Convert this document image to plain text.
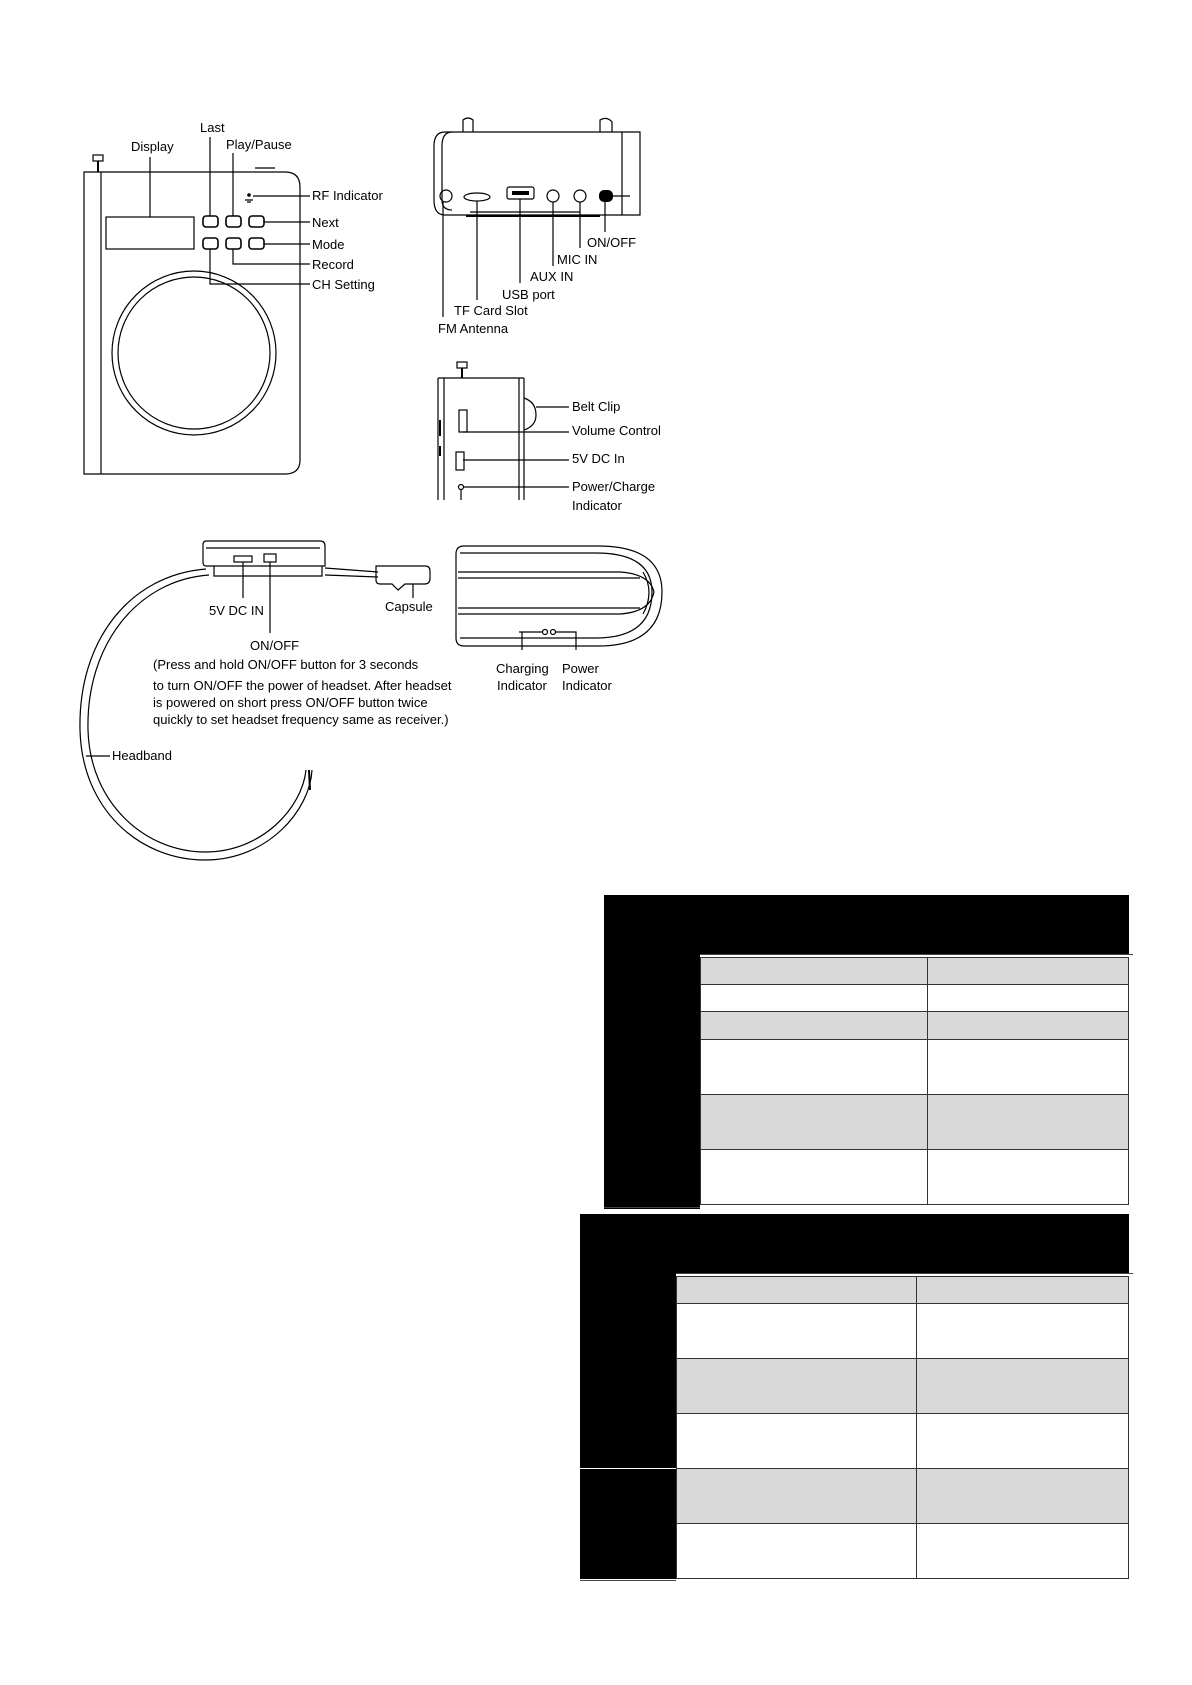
Display
Last
Play/Pause
RF Indicator
Next
Mode
Record
CH Setting
ON/OFF
MIC IN
AUX IN
USB port
TF Card Slot
FM Antenna
Belt Clip
Volume Control
5V DC In
Power/Charge
Indicator
5V DC IN
ON/OFF
Capsule
Headband
(Press and hold ON/OFF button for 3 seconds
to turn ON/OFF the power of headset. After headset
is powered on short press ON/OFF button twice
quickly to set headset frequency same as receiver.)
Charging
Indicator
Power
Indicator
